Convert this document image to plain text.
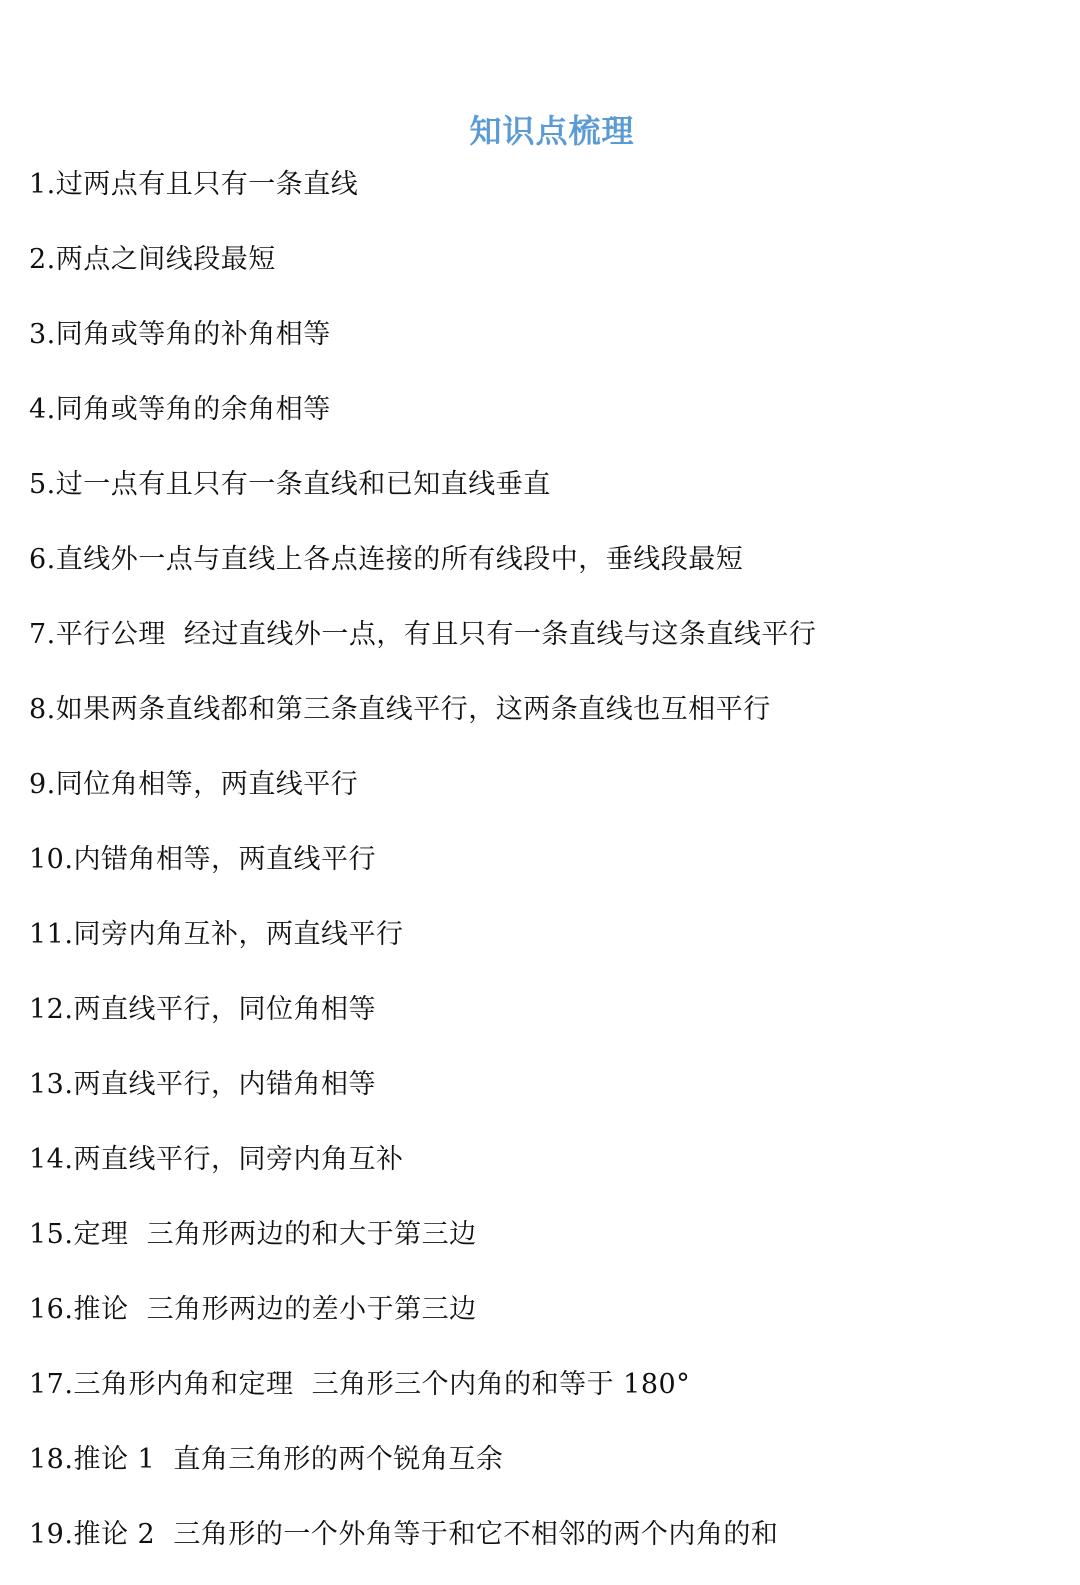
知识点梳理
1.过两点有且只有一条直线
2.两点之间线段最短
3.同角或等角的补角相等
4.同角或等角的余角相等
5.过一点有且只有一条直线和已知直线垂直
6.直线外一点与直线上各点连接的所有线段中，垂线段最短
7.平行公理  经过直线外一点，有且只有一条直线与这条直线平行
8.如果两条直线都和第三条直线平行，这两条直线也互相平行
9.同位角相等，两直线平行
10.内错角相等，两直线平行
11.同旁内角互补，两直线平行
12.两直线平行，同位角相等
13.两直线平行，内错角相等
14.两直线平行，同旁内角互补
15.定理  三角形两边的和大于第三边
16.推论  三角形两边的差小于第三边
17.三角形内角和定理  三角形三个内角的和等于 180°
18.推论 1  直角三角形的两个锐角互余
19.推论 2  三角形的一个外角等于和它不相邻的两个内角的和
